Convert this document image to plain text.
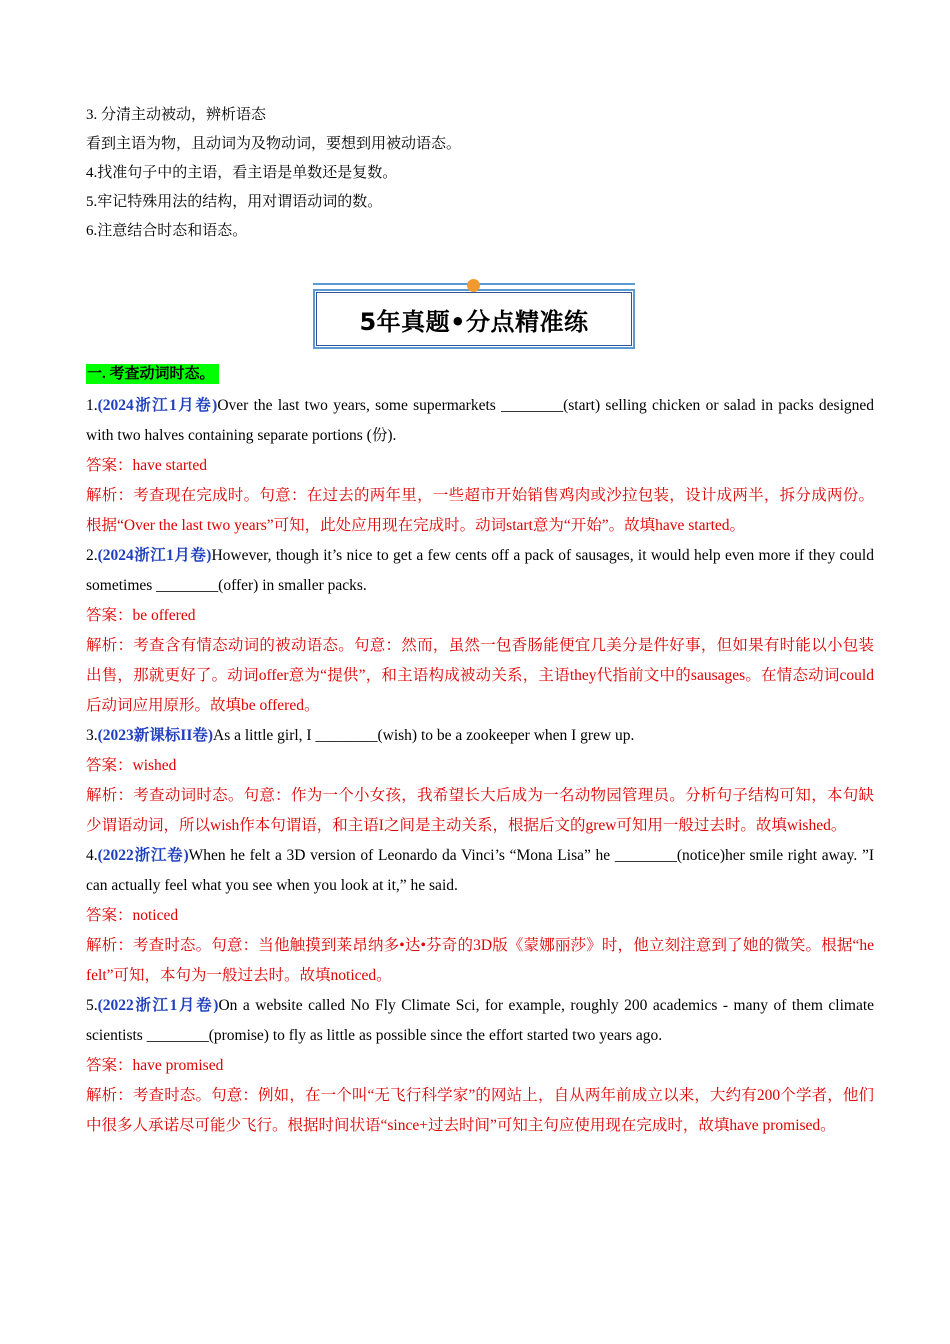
3. 分清主动被动，辨析语态
看到主语为物，且动词为及物动词，要想到用被动语态。
4.找准句子中的主语，看主语是单数还是复数。
5.牢记特殊用法的结构，用对谓语动词的数。
6.注意结合时态和语态。
5年真题•分点精准练
一. 考查动词时态。

1.(2024浙江1月卷)Over the last two years, some supermarkets ________(start) selling chicken or salad in packs designed with two halves containing separate portions (份).

答案：have started

解析：考查现在完成时。句意：在过去的两年里，一些超市开始销售鸡肉或沙拉包装，设计成两半，拆分成两份。根据“Over the last two years”可知，此处应用现在完成时。动词start意为“开始”。故填have started。

2.(2024浙江1月卷)However, though it’s nice to get a few cents off a pack of sausages, it would help even more if they could sometimes ________(offer) in smaller packs.

答案：be offered

解析：考查含有情态动词的被动语态。句意：然而，虽然一包香肠能便宜几美分是件好事，但如果有时能以小包装出售，那就更好了。动词offer意为“提供”，和主语构成被动关系，主语they代指前文中的sausages。在情态动词could后动词应用原形。故填be offered。

3.(2023新课标II卷)As a little girl, I ________(wish) to be a zookeeper when I grew up.

答案：wished

解析：考查动词时态。句意：作为一个小女孩，我希望长大后成为一名动物园管理员。分析句子结构可知，本句缺少谓语动词，所以wish作本句谓语，和主语I之间是主动关系，根据后文的grew可知用一般过去时。故填wished。

4.(2022浙江卷)When he felt a 3D version of Leonardo da Vinci’s “Mona Lisa” he ________(notice)her smile right away. ”I can actually feel what you see when you look at it,” he said.

答案：noticed

解析：考查时态。句意：当他触摸到莱昂纳多•达•芬奇的3D版《蒙娜丽莎》时，他立刻注意到了她的微笑。根据“he felt”可知，本句为一般过去时。故填noticed。

5.(2022浙江1月卷)On a website called No Fly Climate Sci, for example, roughly 200 academics - many of them climate scientists ________(promise) to fly as little as possible since the effort started two years ago.

答案：have promised

解析：考查时态。句意：例如，在一个叫“无飞行科学家”的网站上，自从两年前成立以来，大约有200个学者，他们中很多人承诺尽可能少飞行。根据时间状语“since+过去时间”可知主句应使用现在完成时，故填have promised。
